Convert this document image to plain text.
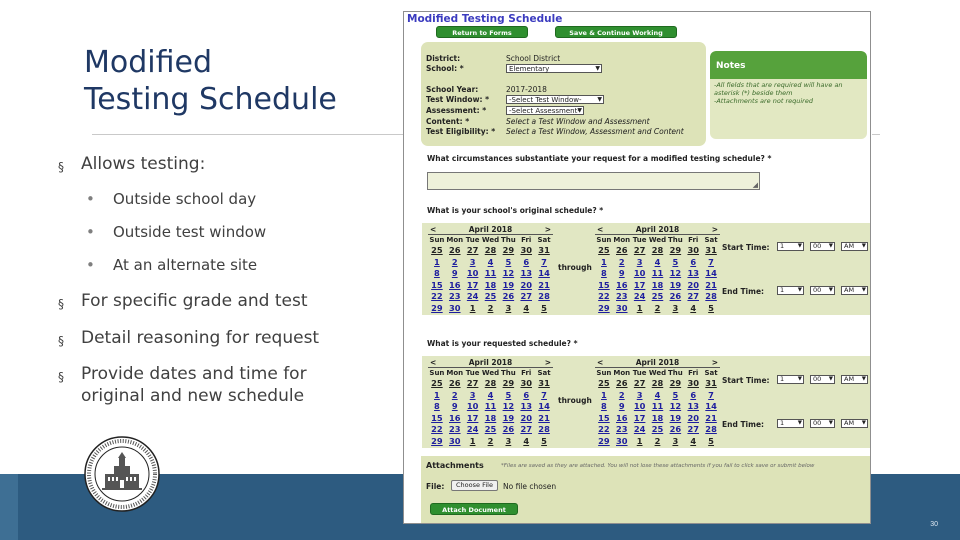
Modified
Testing Schedule
§	Allows testing:
•	Outside school day
•	Outside test window
•	At an alternate site
§	For specific grade and test
§	Detail reasoning for request
§	Provide dates and time for
original and new schedule
30
Modified Testing Schedule
Return to Forms	Save & Continue Working
District:	School District
School: *	Elementary ▼
School Year:	2017-2018
Test Window: *	-Select Test Window- ▼
Assessment: *	-Select Assessment- ▼
Content: *	Select a Test Window and Assessment
Test Eligibility: * Select a Test Window, Assessment and Content
Notes
-All fields that are required will have an asterisk (*) beside them
-Attachments are not required
What circumstances substantiate your request for a modified testing schedule? *
◢
What is your school's original schedule? *
<	April 2018	>
Sun Mon Tue Wed Thu Fri Sat
25 26 27 28 29 30 31
1	2	3	4	5	6	7
8	9	10 11 12 13 14
15 16 17 18 19 20 21
22 23 24 25 26 27 28
29 30	1	2	3	4	5
through
<	April 2018	>
Sun Mon Tue Wed Thu Fri Sat
25 26 27 28 29 30 31
1	2	3	4	5	6	7
8	9	10 11 12 13 14
15 16 17 18 19 20 21
22 23 24 25 26 27 28
29 30	1	2	3	4	5
Start Time:	1 ▼	00 ▼	AM ▼
End Time:	1 ▼	00 ▼	AM ▼
What is your requested schedule? *
<	April 2018	>
Sun Mon Tue Wed Thu Fri Sat
25 26 27 28 29 30 31
1	2	3	4	5	6	7
8	9	10 11 12 13 14
15 16 17 18 19 20 21
22 23 24 25 26 27 28
29 30	1	2	3	4	5
through
<	April 2018	>
Sun Mon Tue Wed Thu Fri Sat
25 26 27 28 29 30 31
1	2	3	4	5	6	7
8	9	10 11 12 13 14
15 16 17 18 19 20 21
22 23 24 25 26 27 28
29 30	1	2	3	4	5
Start Time:	1 ▼	00 ▼	AM ▼
End Time:	1 ▼	00 ▼	AM ▼
Attachments	*Files are saved as they are attached. You will not lose these attachments if you fail to click save or submit below
File:	Choose File	No file chosen
Attach Document
